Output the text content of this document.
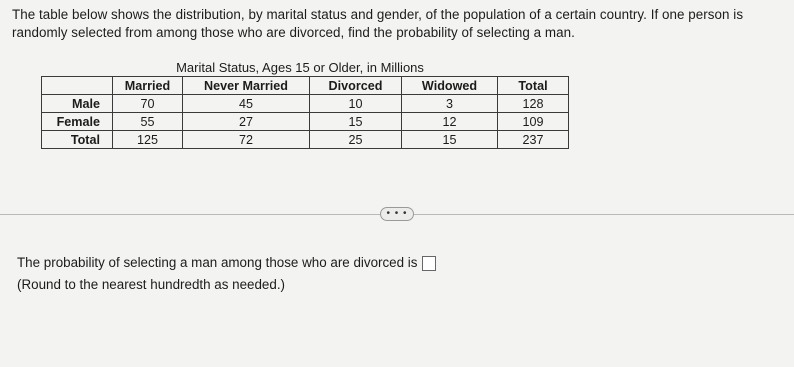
The table below shows the distribution, by marital status and gender, of the population of a certain country. If one person is randomly selected from among those who are divorced, find the probability of selecting a man.
Marital Status, Ages 15 or Older, in Millions
	Married	Never Married	Divorced	Widowed	Total
Male	70	45	10	3	128
Female	55	27	15	12	109
Total	125	72	25	15	237
• • •
The probability of selecting a man among those who are divorced is
(Round to the nearest hundredth as needed.)
